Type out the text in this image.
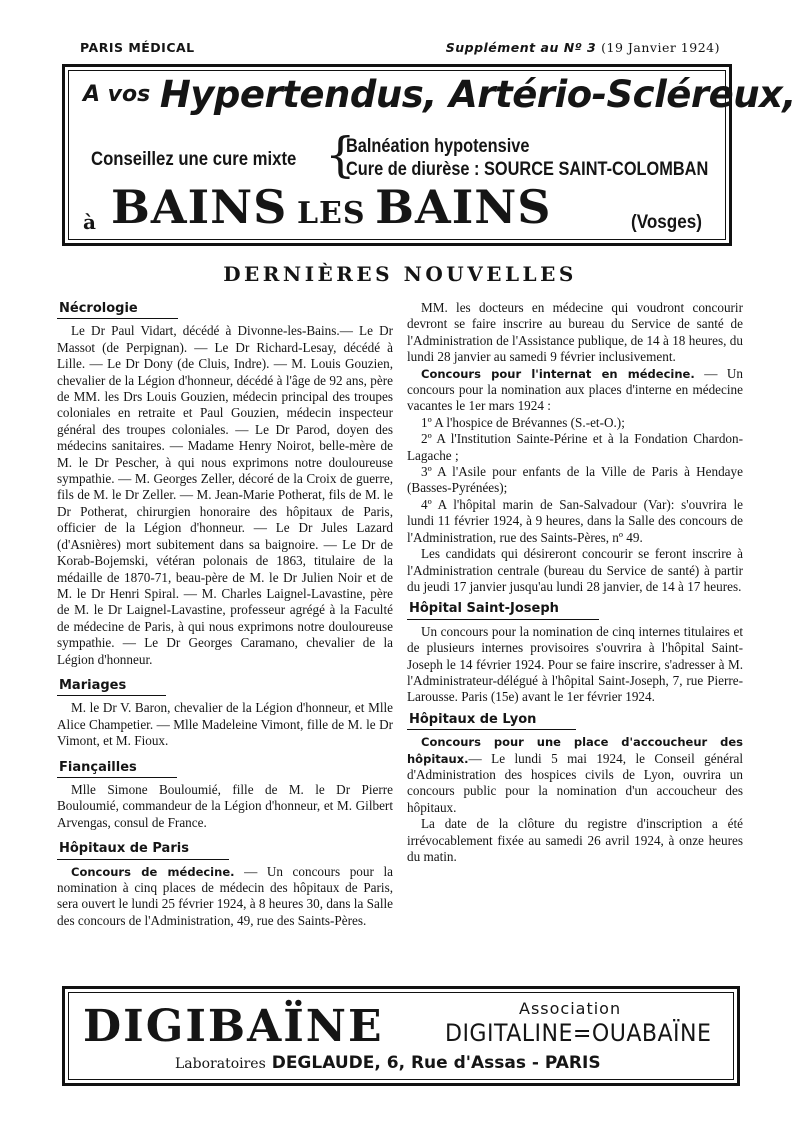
PARIS MÉDICAL	Supplément au Nº 3 (19 Janvier 1924)
A vos Hypertendus, Artério-Scléreux,
Conseillez une cure mixte {
Balnéation hypotensive
Cure de diurèse : SOURCE SAINT-COLOMBAN
à BAINS LES BAINS	(Vosges)
DERNIÈRES NOUVELLES
Nécrologie

Le Dr Paul Vidart, décédé à Divonne-les-Bains.— Le Dr Massot (de Perpignan). — Le Dr Richard-Lesay, décédé à Lille. — Le Dr Dony (de Cluis, Indre). — M. Louis Gouzien, chevalier de la Légion d'honneur, décédé à l'âge de 92 ans, père de MM. les Drs Louis Gouzien, médecin principal des troupes coloniales en retraite et Paul Gouzien, médecin inspecteur général des troupes coloniales. — Le Dr Parod, doyen des médecins sanitaires. — Madame Henry Noirot, belle-mère de M. le Dr Pescher, à qui nous exprimons notre douloureuse sympathie. — M. Georges Zeller, décoré de la Croix de guerre, fils de M. le Dr Zeller. — M. Jean-Marie Potherat, fils de M. le Dr Potherat, chirurgien honoraire des hôpitaux de Paris, officier de la Légion d'honneur. — Le Dr Jules Lazard (d'Asnières) mort subitement dans sa baignoire. — Le Dr de Korab-Bojemski, vétéran polonais de 1863, titulaire de la médaille de 1870-71, beau-père de M. le Dr Julien Noir et de M. le Dr Henri Spiral. — M. Charles Laignel-Lavastine, père de M. le Dr Laignel-Lavastine, professeur agrégé à la Faculté de médecine de Paris, à qui nous exprimons notre douloureuse sympathie. — Le Dr Georges Caramano, chevalier de la Légion d'honneur.

Mariages

M. le Dr V. Baron, chevalier de la Légion d'honneur, et Mlle Alice Champetier. — Mlle Madeleine Vimont, fille de M. le Dr Vimont, et M. Fioux.

Fiançailles

Mlle Simone Bouloumié, fille de M. le Dr Pierre Bouloumié, commandeur de la Légion d'honneur, et M. Gilbert Arvengas, consul de France.

Hôpitaux de Paris

Concours de médecine. — Un concours pour la nomination à cinq places de médecin des hôpitaux de Paris, sera ouvert le lundi 25 février 1924, à 8 heures 30, dans la Salle des concours de l'Administration, 49, rue des Saints-Pères.

MM. les docteurs en médecine qui voudront concourir devront se faire inscrire au bureau du Service de santé de l'Administration de l'Assistance publique, de 14 à 18 heures, du lundi 28 janvier au samedi 9 février inclusivement.

Concours pour l'internat en médecine. — Un concours pour la nomination aux places d'interne en médecine vacantes le 1er mars 1924 :

1º A l'hospice de Brévannes (S.-et-O.);

2º A l'Institution Sainte-Périne et à la Fondation Chardon-Lagache ;

3º A l'Asile pour enfants de la Ville de Paris à Hendaye (Basses-Pyrénées);

4º A l'hôpital marin de San-Salvadour (Var): s'ouvrira le lundi 11 février 1924, à 9 heures, dans la Salle des concours de l'Administration, rue des Saints-Pères, nº 49.

Les candidats qui désireront concourir se feront inscrire à l'Administration centrale (bureau du Service de santé) à partir du jeudi 17 janvier jusqu'au lundi 28 janvier, de 14 à 17 heures.

Hôpital Saint-Joseph

Un concours pour la nomination de cinq internes titulaires et de plusieurs internes provisoires s'ouvrira à l'hôpital Saint-Joseph le 14 février 1924. Pour se faire inscrire, s'adresser à M. l'Administrateur-délégué à l'hôpital Saint-Joseph, 7, rue Pierre-Larousse. Paris (15e) avant le 1er février 1924.

Hôpitaux de Lyon

Concours pour une place d'accoucheur des hôpitaux.— Le lundi 5 mai 1924, le Conseil général d'Administration des hospices civils de Lyon, ouvrira un concours public pour la nomination d'un accoucheur des hôpitaux.

La date de la clôture du registre d'inscription a été irrévocablement fixée au samedi 26 avril 1924, à onze heures du matin.

DIGIBAÏNE	Association
DIGITALINE=OUABAÏNE
Laboratoires DEGLAUDE, 6, Rue d'Assas - PARIS
